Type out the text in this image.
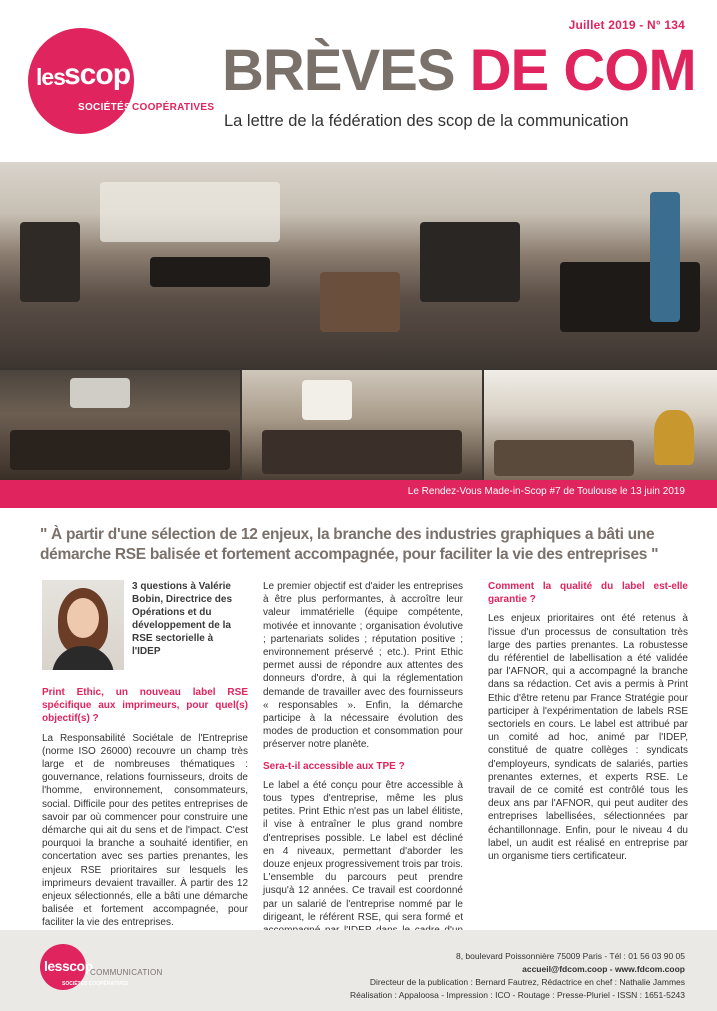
Juillet 2019 - N° 134
les scop
SOCIÉTÉS COOPÉRATIVES
BRÈVES DE COM
La lettre de la fédération des scop de la communication
Le Rendez-Vous Made-in-Scop #7 de Toulouse le 13 juin 2019
" À partir d'une sélection de 12 enjeux, la branche des industries graphiques a bâti une démarche RSE balisée et fortement accompagnée, pour faciliter la vie des entreprises "
3 questions à Valérie Bobin, Directrice des Opérations et du développement de la RSE sectorielle à l'IDEP
Print Ethic, un nouveau label RSE spécifique aux imprimeurs, pour quel(s) objectif(s) ?

La Responsabilité Sociétale de l'Entreprise (norme ISO 26000) recouvre un champ très large et de nombreuses thématiques : gouvernance, relations fournisseurs, droits de l'homme, environnement, consommateurs, social. Difficile pour des petites entreprises de savoir par où commencer pour construire une démarche qui ait du sens et de l'impact. C'est pourquoi la branche a souhaité identifier, en concertation avec ses parties prenantes, les enjeux RSE prioritaires sur lesquels les imprimeurs devaient travailler. À partir des 12 enjeux sélectionnés, elle a bâti une démarche balisée et fortement accompagnée, pour faciliter la vie des entreprises.

Le premier objectif est d'aider les entreprises à être plus performantes, à accroître leur valeur immatérielle (équipe compétente, motivée et innovante ; organisation évolutive ; partenariats solides ; réputation positive ; environnement préservé ; etc.). Print Ethic permet aussi de répondre aux attentes des donneurs d'ordre, à qui la réglementation demande de travailler avec des fournisseurs « responsables ». Enfin, la démarche participe à la nécessaire évolution des modes de production et consommation pour préserver notre planète.

Sera-t-il accessible aux TPE ?

Le label a été conçu pour être accessible à tous types d'entreprise, même les plus petites. Print Ethic n'est pas un label élitiste, il vise à entraîner le plus grand nombre d'entreprises possible. Le label est décliné en 4 niveaux, permettant d'aborder les douze enjeux progressivement trois par trois. L'ensemble du parcours peut prendre jusqu'à 12 années. Ce travail est coordonné par un salarié de l'entreprise nommé par le dirigeant, le référent RSE, qui sera formé et

Comment la qualité du label est-elle garantie ?

Les enjeux prioritaires ont été retenus à l'issue d'un processus de consultation très large des parties prenantes. La robustesse du référentiel de labellisation a été validée par l'AFNOR, qui a accompagné la branche dans sa rédaction. Cet avis a permis à Print Ethic d'être retenu par France Stratégie pour participer à l'expérimentation de labels RSE sectoriels en cours. Le label est attribué par un comité ad hoc, animé par l'IDEP, constitué de quatre collèges : syndicats d'employeurs, syndicats de salariés, parties prenantes externes, et experts RSE. Le travail de ce comité est contrôlé tous les deux ans par l'AFNOR, qui peut auditer des entreprises labellisées, sélectionnées par échantillonnage. Enfin, pour le niveau 4 du label, un audit est réalisé en entreprise par un organisme tiers certificateur.

lesscop
SOCIÉTÉS COOPÉRATIVES
COMMUNICATION
8, boulevard Poissonnière 75009 Paris - Tél : 01 56 03 90 05
accueil@fdcom.coop - www.fdcom.coop
Directeur de la publication : Bernard Fautrez, Rédactrice en chef : Nathalie Jammes
Réalisation : Appaloosa - Impression : ICO - Routage : Presse-Pluriel - ISSN : 1651-5243
